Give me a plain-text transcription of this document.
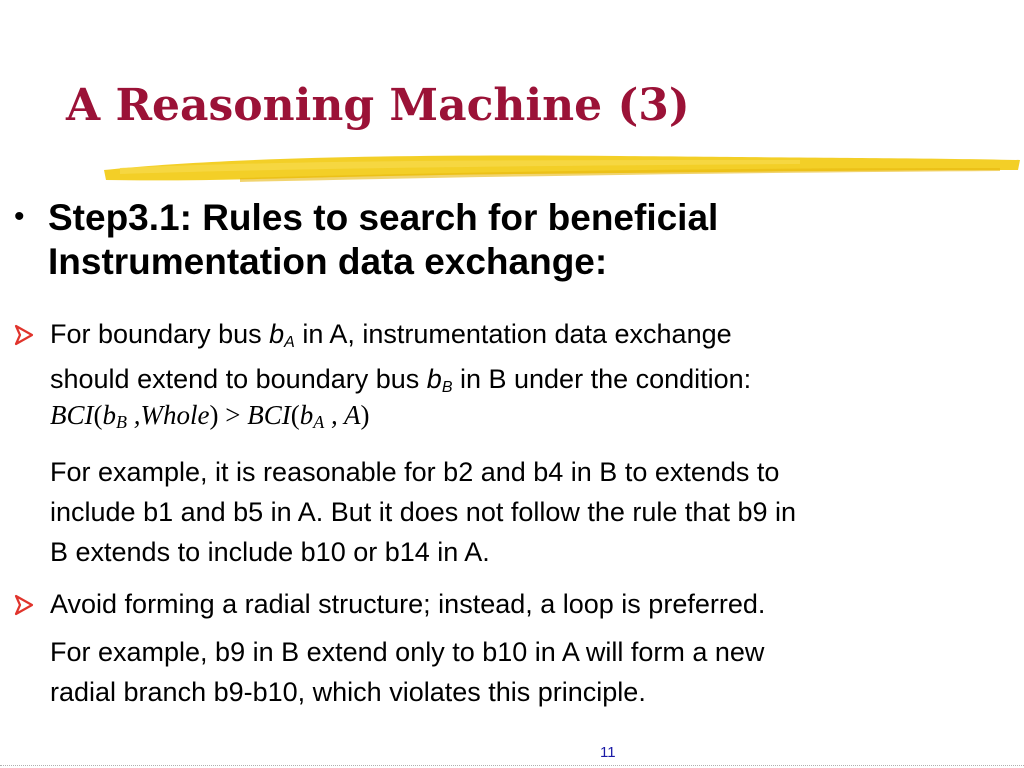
A Reasoning Machine (3)
• Step3.1: Rules to search for beneficial
Instrumentation data exchange:
For boundary bus bA in A, instrumentation data exchange
should extend to boundary bus bB in B under the condition:
$BCI(b_B$ ,Whole) > $BCI(b_A$ , A)
For example, it is reasonable for b2 and b4 in B to extends to
include b1 and b5 in A. But it does not follow the rule that b9 in
B extends to include b10 or b14 in A.
Avoid forming a radial structure; instead, a loop is preferred.
For example, b9 in B extend only to b10 in A will form a new
radial branch b9-b10, which violates this principle.
11
